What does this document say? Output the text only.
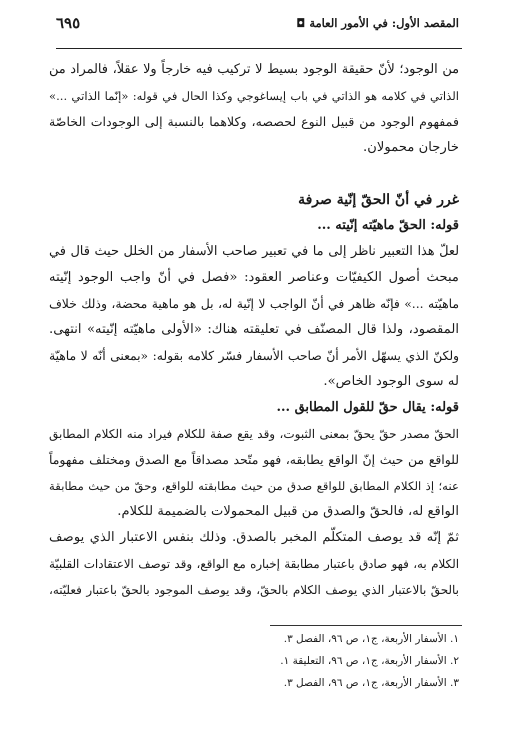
المقصد الأول: في الأمور العامة ◘
٦٩٥
من الوجود؛ لأنّ حقيقة الوجود بسيط لا تركيب فيه خارجاً ولا عقلاً، فالمراد من
الذاتي في كلامه هو الذاتي في باب إيساغوجي وكذا الحال في قوله: «إنّما الذاتي ...»
فمفهوم الوجود من قبيل النوع لحصصه، وكلاهما بالنسبة إلى الوجودات الخاصّة
خارجان محمولان.
غرر في أنّ الحقّ إنّية صرفة
قوله: الحقّ ماهيّته إنّيته ...
لعلّ هذا التعبير ناظر إلى ما في تعبير صاحب الأسفار من الخلل حيث قال في
مبحث أصول الكيفيّات وعناصر العقود: «فصل في أنّ واجب الوجود إنّيته
ماهيّته ...» فإنّه ظاهر في أنّ الواجب لا إنّية له، بل هو ماهية محضة، وذلك خلاف
المقصود، ولذا قال المصنّف في تعليقته هناك: «الأولى ماهيّته إنّيته» انتهى.
ولكنّ الذي يسهّل الأمر أنّ صاحب الأسفار فسّر كلامه بقوله: «بمعنى أنّه لا ماهيّة
له سوى الوجود الخاص».
قوله: يقال حقّ للقول المطابق ...
الحقّ مصدر حقّ يحقّ بمعنى الثبوت، وقد يقع صفة للكلام فيراد منه الكلام المطابق
للواقع من حيث إنّ الواقع يطابقه، فهو متّحد مصداقاً مع الصدق ومختلف مفهوماً
عنه؛ إذ الكلام المطابق للواقع صدق من حيث مطابقته للواقع، وحقّ من حيث مطابقة
الواقع له، فالحقّ والصدق من قبيل المحمولات بالضميمة للكلام.
ثمّ إنّه قد يوصف المتكلّم المخبر بالصدق. وذلك بنفس الاعتبار الذي يوصف
الكلام به، فهو صادق باعتبار مطابقة إخباره مع الواقع، وقد توصف الاعتقادات القلبيّة
بالحقّ بالاعتبار الذي يوصف الكلام بالحقّ، وقد يوصف الموجود بالحقّ باعتبار فعليّته،
١. الأسفار الأربعة، ج١، ص ٩٦، الفصل ٣.
٢. الأسفار الأربعة، ج١، ص ٩٦، التعليقة ١.
٣. الأسفار الأربعة، ج١، ص ٩٦، الفصل ٣.
